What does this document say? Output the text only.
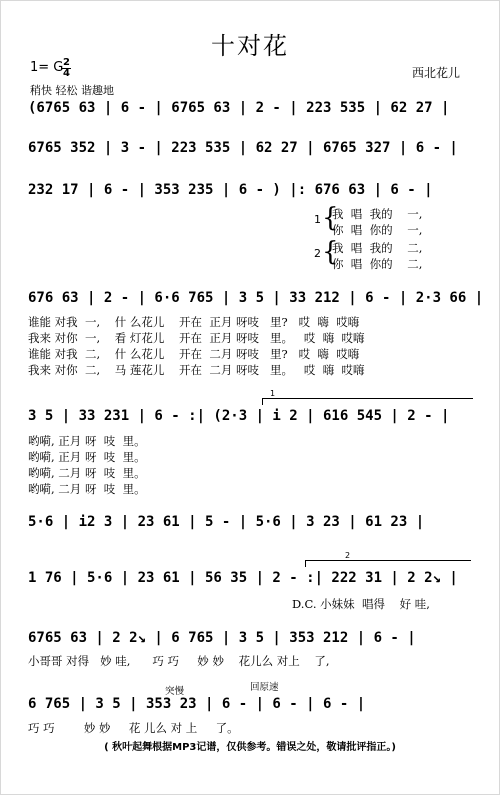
十对花
西北花儿
1= G 2
4
稍快 轻松 谐趣地
(6765 63 | 6 - | 6765 63 | 2 - | 223 535 | 62 27 |
6765 352 | 3 - | 223 535 | 62 27 | 6765 327 | 6 - |
232 17 | 6 - | 353 235 | 6 - ) |: 676 63 | 6 - |
1 {
我  唱  我的    一,
你  唱  你的    一,
2 {
我  唱  我的    二,
你  唱  你的    二,
676 63 | 2 - | 6·6 765 | 3 5 | 33 212 | 6 - | 2·3 66 |
谁能 对我  一,    什 么花儿    开在  正月 呀吱   里?   哎  嗨  哎嗨
我来 对你  一,    看 灯花儿    开在  正月 呀吱   里。   哎  嗨  哎嗨
谁能 对我  二,    什 么花儿    开在  二月 呀吱   里?   哎  嗨  哎嗨
我来 对你  二,    马 莲花儿    开在  二月 呀吱   里。   哎  嗨  哎嗨
1
3 5 | 33 231 | 6 - :| (2·3 | i 2 | 616 545 | 2 - |
哟嗬, 正月 呀  吱  里。
哟嗬, 正月 呀  吱  里。
哟嗬, 二月 呀  吱  里。
哟嗬, 二月 呀  吱  里。
5·6 | i2 3 | 23 61 | 5 - | 5·6 | 3 23 | 61 23 |
2
1 76 | 5·6 | 23 61 | 56 35 | 2 - :| 222 31 | 2 2↘ |
D.C. 小妹妹  唱得    好 哇,
6765 63 | 2 2↘ | 6 765 | 3 5 | 353 212 | 6 - |
小哥哥 对得   妙 哇,      巧 巧     妙 妙    花儿么 对上    了,
突慢	回原速
6 765 | 3 5 | 353 23 | 6 - | 6 - | 6 - |
巧 巧        妙 妙     花 儿么 对 上     了。
( 秋叶起舞根据MP3记谱，仅供参考。错误之处，敬请批评指正。)
